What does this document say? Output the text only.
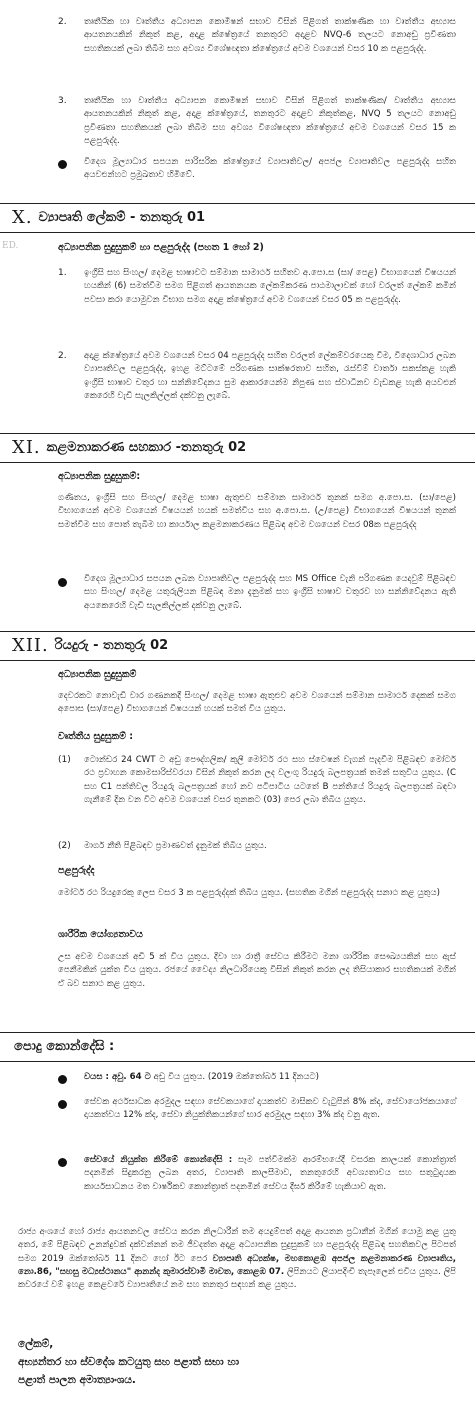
2. තෘතීයික හා වෘත්තීය අධ්‍යාපන කොමිෂන් සභාව විසින් පිළිගත් තාක්ෂණික හා වෘත්තීය අභ්‍යාස ආයතනයකින් නිකුත් කළ, අදාළ ක්ෂේත්‍රයේ තනතුරට අදාළව NVQ-6 තලයට නොඅඩු ප්‍රවීණතා සහතිකයක් ලබා තිබීම සහ අවශ්‍ය විශේෂඥතා ක්ෂේත්‍රයේ අවම වශයෙන් වසර 10 ක පළපුරුද්ද.
3. තෘතීයික හා වෘත්තීය අධ්‍යාපන කොමිෂන් සභාව විසින් පිළිගත් තාක්ෂණික/ වෘත්තීය අභ්‍යාස ආයතනයකින් නිකුත් කළ, අදාළ ක්ෂේත්‍රයේ, තනතුරට අදාළව නිකුත්කළ, NVQ 5 තලයට නොඅඩු ප්‍රවීණතා සහතිකයක් ලබා තිබීම සහ අවශ්‍ය විශේෂඥතා ක්ෂේත්‍රයේ අවම වශයෙන් වසර 15 ක පළපුරුද්ද.
විදෙශ මූල්‍යාධාර සපයන පාරිසරික ක්ෂේත්‍රයේ ව්‍යාපෘතිවල/ අපජල ව්‍යාපෘතිවල පළපුරුද්ද සහිත අයවළුන්හට ප්‍රමුඛතාව හිමිවේ.
X. ව්‍යාපෘති ලේකම් - තනතුරු 01
ED.	අධ්‍යාපනික සුදුසුකම් හා පළපුරුද්ද (පහත 1 හෝ 2)
1. ඉංග්‍රීසි සහ සිංහල/ දෙමළ භාෂාවට සම්මාන සාමාර්ථ සහිතව අ.පො.ස (සා/ පෙළ) විභාගයෙන් විෂයයන් හයකින් (6) සමත්වීම සමග පිළිගත් ආයතනයක ලේකම්කරණ පාඨමාලාවක් හෝ වරලත් ලේකම් කමින් පවසා කරා යොමුවන විභාග සමග අදාළ ක්ෂේත්‍රයේ අවම වශයෙන් වසර 05 ක පළපුරුද්ද.
2. අදාළ ක්ෂේත්‍රයේ අවම වශයෙන් වසර 04 පළපුරුද්ද සහිත වරලත් ලේකම්වරයෙකු වීම, විදෙශාධාර ලබන ව්‍යාපෘතිවල පළපුරුද්ද, ඉහළ මට්ටමේ පරිගණක සාක්ෂරතාව සහිත, රැස්වීම් වාර්තා සකස්කළ හැකි ඉංග්‍රීසි භාෂාව චතුර හා සන්නිවේදනය සුම ආකාරයෙන්ම නිපුණ සහ ස්වාධීනව වැඩකළ හැකි අයවළුන් කෙරෙහි වැඩි සැලකිල්ලක් දක්වනු ලැබේ.
XI. කළමනාකරණ සහකාර -තනතුරු 02
අධ්‍යාපනික සුදුසුකම්:
ගණිතය, ඉංග්‍රීසි සහ සිංහල/ දෙමළ භාෂා ඇතුළුව සම්මාන සාමාර්ථ තුනක් සමග අ.පො.ස. (සා/පෙළ) විභාගයෙන් අවම වශයෙන් විෂයයන් හයක් සමත්විය සහ අ.පො.ස. (උ/පෙළ) විභාගයෙන් විෂයයන් තුනක් සමත්වීම සහ පොත් තැබීම හා කාර්යාල කළමනාකරණය පිළිබඳ අවම වශයෙන් වසර 08ක පළපුරුද්ද
විදෙශ මූල්‍යාධාර සපයන ලබන ව්‍යාපෘතිවල පළපුරුද්ද සහ MS Office වැනි පරිගණක යෙදවුම් පිළිබඳව සහ සිංහල/ දෙමළ යතුරුලියන පිළිබඳ මනා දැනුමක් සහ ඉංග්‍රීසි භාෂාව චතුරව හා සන්නිවේදනය ඇති අයකෙරෙහි වැඩි සැලකිල්ලක් දක්වනු ලැබේ.
XII. රියදුරු - තනතුරු 02
අධ්‍යාපනික සුදුසුකම්
දෙවරකට නොවැඩි වාර ගණනකදී සිංහල/ දෙමළ භාෂා ඇතුළුව අවම වශයෙන් සම්මාන සාමාර්ථ දෙකක් සමග අපොස (සා/පෙළ) විභාගයෙන් විෂයයන් හයක් සමත් විය යුතුය.
වෘත්තීය සුදුසුකම් :
(1) ටොන්ඩර 24 CWT ට අඩු පෞද්ගලික/ කුලී මෝටර් රථ සහ ස්වෙෂන් වැගන් පැදවීම පිළිබඳව මෝටර් රථ ප්‍රවාහන කොමසාරිස්වරයා විසින් නිකුත් කරන ලද වලංගු රියදුරු බලපත්‍රයක් තමන් සතුවිය යුතුය. (C සහ C1 පන්තිවල රියදුරු බලපත්‍රයක් හෝ නව පටිපාටිය යටතේ B පන්තියේ රියදුරු බලපත්‍රයක් බඳවා ගැනීමේ දින වන විට අවම වශයෙන් වසර තුනකට (03) පෙර ලබා තිබිය යුතුය.
(2) මාර්ග නීති පිළිබඳව ප්‍රමාණවත් දැනුමක් තිබිය යුතුය.
පළපුරුද්ද
මෝටර් රථ රියදුරෙකු ලෙස වසර 3 ක පළපුරුද්දක් තිබිය යුතුය. (සහතික මගින් පළපුරුද්ද සනාථ කළ යුතුය)
ශාරීරික යෝග්‍යතාවය
උස අවම වශයෙන් අඩි 5 ක් විය යුතුය. දිවා හා රාත්‍රී සේවය කිරීමට මනා ශාරීරික සෞඛ්‍යයකින් සහ ඇස් පෙනීමකින් යුක්ත විය යුතුය. රජයේ වෛද්‍ය නිලධාරියෙකු විසින් නිකුත් කරන ලද තිසියාකාර සහතිකයක් මගින් ඒ බව සනාථ කළ යුතුය.
පොදු කොන්දේසි :
වයස : අවු. 64 ට අඩු විය යුතුය. (2019 ඔක්තෝබර් 11 දිනයට)
සේවක අර්ථසාධක අරමුදල සඳහා සේවකයාගේ දායකත්ව මාසිකව වැටුපින් 8% ක්ද, සේවායෝජකයාගේ දායකත්වය 12% ක්ද, සේවා නියුක්තිකයන්ගේ භාර අරමුදල සඳහා 3% ක්ද වනු ඇත.
සේවයේ නියුක්ත කිරීමේ කොන්දේසි : සෑම පත්වීමක්ම ආරම්භයේදී වසරක කාලයක් කොන්ත්‍රාත් පදනමින් සිදුකරනු ලබන අතර, ව්‍යාපෘති කාලසීමාව, තනතුරෙහි අවශ්‍යතාවය සහ සතුටුදායක කාර්යසාධනය මත වාර්ෂිකව කොන්ත්‍රාත් පදනමින් සේවය දීර්ඝ කිරීමේ හැකියාව ඇත.
රාජ්‍ය අංශයේ හෝ රාජ්‍ය ආයතනවල සේවය කරන නිලධාරීන් තම අයදුම්පත් අදාළ ආයතන ප්‍රධානීන් මගින් යොමු කළ යුතු අතර, මේ පිළිබඳව උනන්දුවක් දක්වන්නන් තම ජීවදත්ත අදාළ අධ්‍යාපනික සුදුසුකම් හා පළපුරුද්ද පිළිබඳ සහතිකවල පිටපත් සමග 2019 ඔක්තෝබර් 11 දිනට හෝ ඊට පෙර ව්‍යාපෘති අධ්‍යක්ෂ, මහකොළඹ අපජල කළමනාකරණ ව්‍යාපෘතිය, නො.86, "සහසු මධ්‍යස්ථානය" ආනන්ද කුමාරස්වාමි මාවත, කොළඹ 07. ලිපිනයට ලියාපදිංචි තැපෑලෙන් එවිය යුතුය. ලිපි කවරයේ වම් ඉහළ කෙළවරේ ව්‍යාපෘතියේ නම සහ තනතුර සඳහන් කළ යුතුය.
ලේකම්,
අභ්‍යන්තර හා ස්වදේශ කටයුතු සහ පළාත් සභා හා
පළාත් පාලන අමාත්‍යාංශය.
